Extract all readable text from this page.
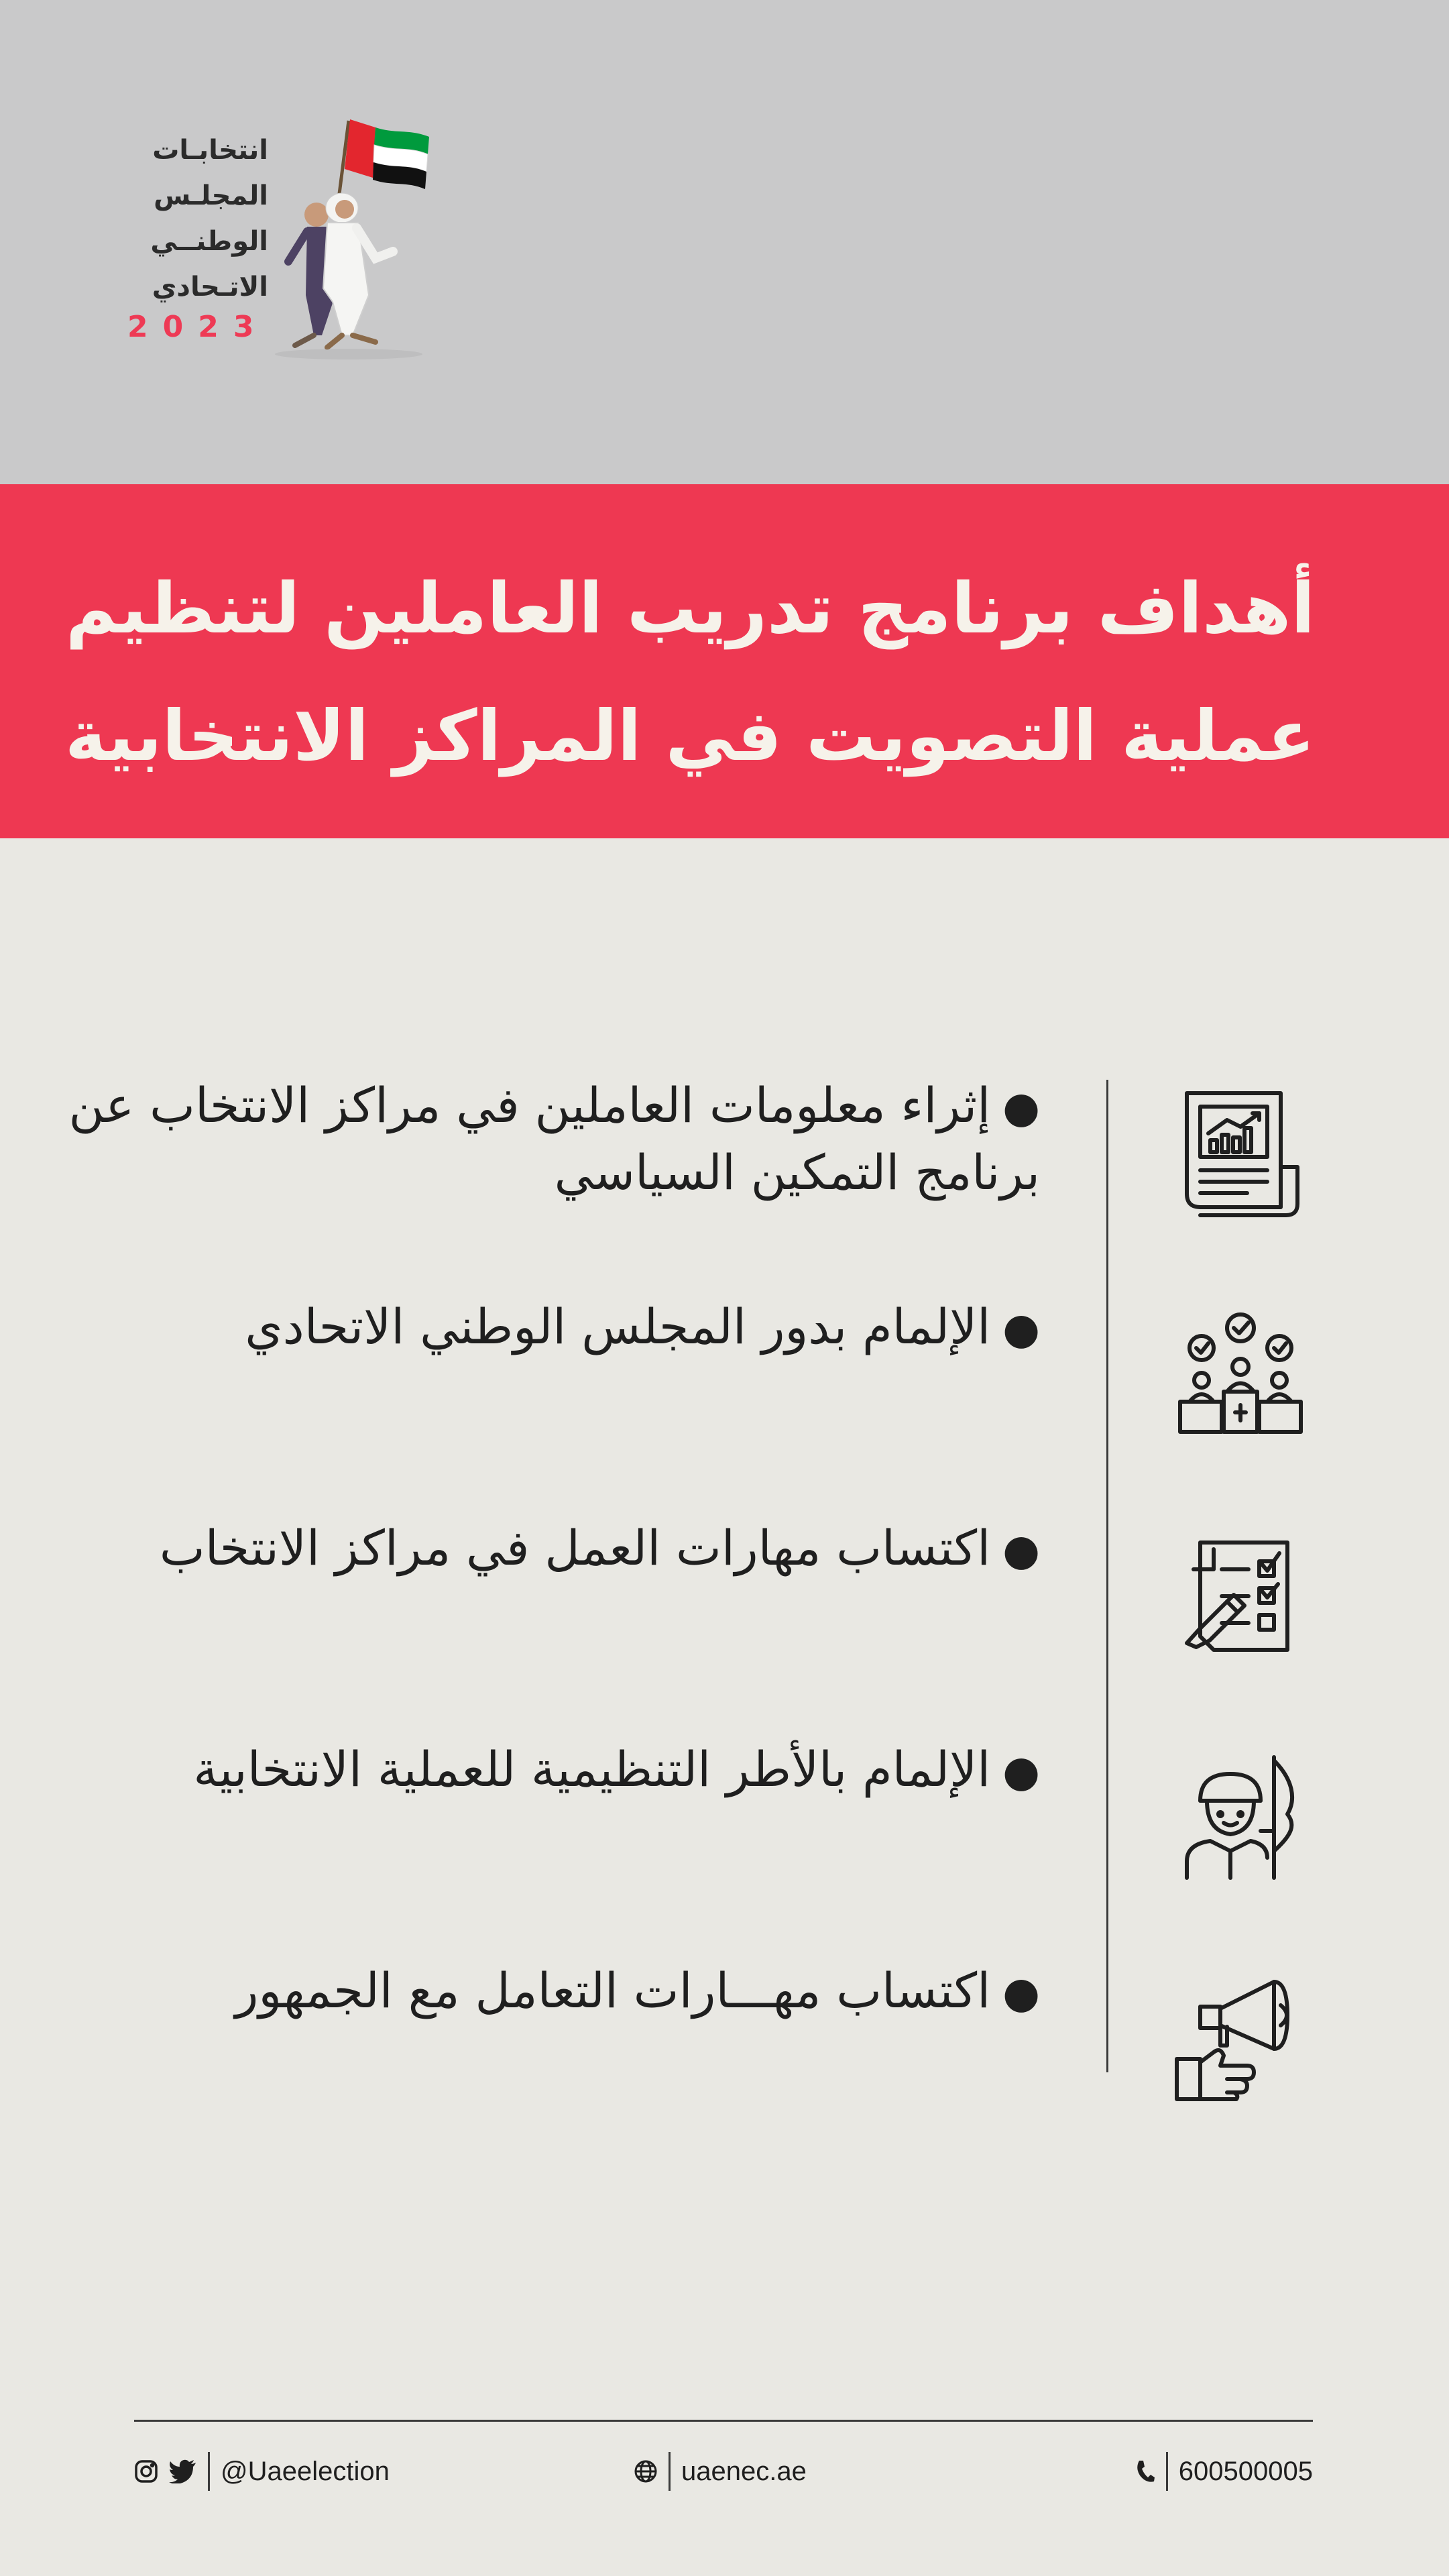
انتخابـات
المجلـس
الوطنــي
الاتـحادي
2023
أهداف برنامج تدريب العاملين لتنظيم عملية التصويت في المراكز الانتخابية
●إثراء معلومات العاملين في مراكز الانتخاب عن برنامج التمكين السياسي
●الإلمام بدور المجلس الوطني الاتحادي
●اكتساب مهارات العمل في مراكز الانتخاب
●الإلمام بالأطر التنظيمية للعملية الانتخابية
●اكتساب مهـــارات التعامل مع الجمهور
@Uaeelection	uaenec.ae	600500005
